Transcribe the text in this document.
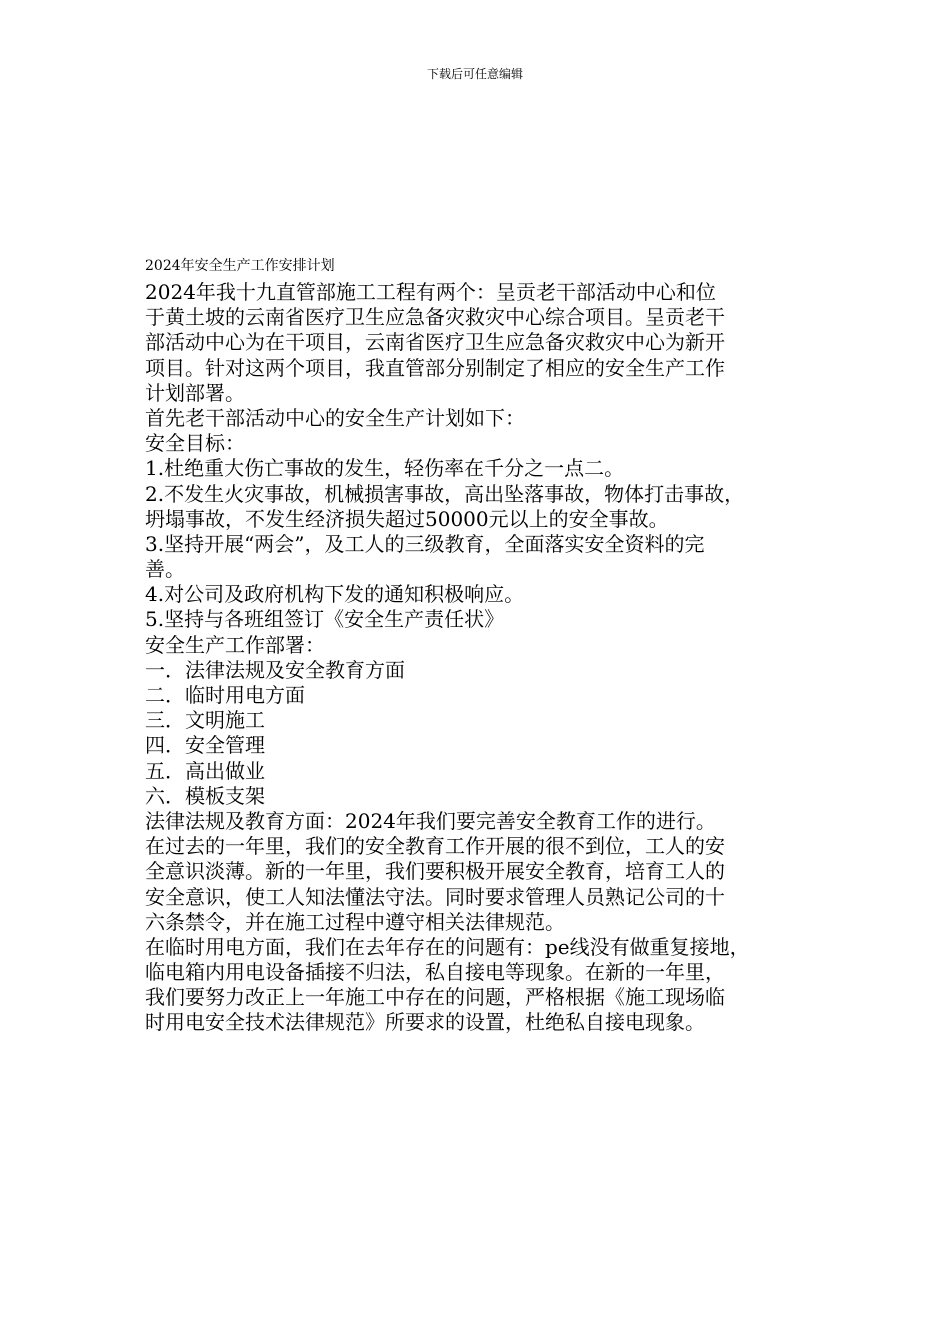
下载后可任意编辑
2024年安全生产工作安排计划
2024年我十九直管部施工工程有两个：呈贡老干部活动中心和位
于黄土坡的云南省医疗卫生应急备灾救灾中心综合项目。呈贡老干
部活动中心为在干项目，云南省医疗卫生应急备灾救灾中心为新开
项目。针对这两个项目，我直管部分别制定了相应的安全生产工作
计划部署。
首先老干部活动中心的安全生产计划如下：
安全目标：
1.杜绝重大伤亡事故的发生，轻伤率在千分之一点二。
2.不发生火灾事故，机械损害事故，高出坠落事故，物体打击事故，
坍塌事故，不发生经济损失超过50000元以上的安全事故。
3.坚持开展“两会”，及工人的三级教育，全面落实安全资料的完
善。
4.对公司及政府机构下发的通知积极响应。
5.坚持与各班组签订《安全生产责任状》
安全生产工作部署：
一．法律法规及安全教育方面
二．临时用电方面
三．文明施工
四．安全管理
五．高出做业
六．模板支架
法律法规及教育方面：2024年我们要完善安全教育工作的进行。
在过去的一年里，我们的安全教育工作开展的很不到位，工人的安
全意识淡薄。新的一年里，我们要积极开展安全教育，培育工人的
安全意识，使工人知法懂法守法。同时要求管理人员熟记公司的十
六条禁令，并在施工过程中遵守相关法律规范。
在临时用电方面，我们在去年存在的问题有：pe线没有做重复接地，
临电箱内用电设备插接不归法，私自接电等现象。在新的一年里，
我们要努力改正上一年施工中存在的问题，严格根据《施工现场临
时用电安全技术法律规范》所要求的设置，杜绝私自接电现象。
